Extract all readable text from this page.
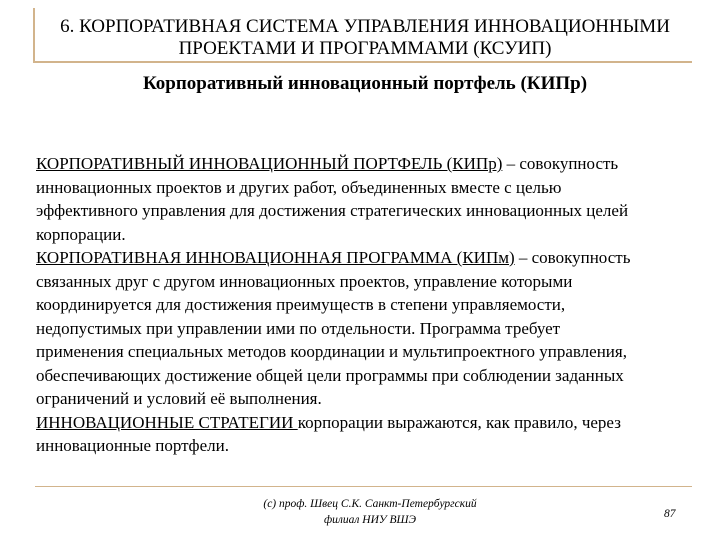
6. КОРПОРАТИВНАЯ СИСТЕМА УПРАВЛЕНИЯ ИННОВАЦИОННЫМИ
ПРОЕКТАМИ И ПРОГРАММАМИ (КСУИП)
Корпоративный инновационный портфель (КИПр)
КОРПОРАТИВНЫЙ ИННОВАЦИОННЫЙ ПОРТФЕЛЬ (КИПр) – совокупность
инновационных проектов и других работ, объединенных вместе с целью
эффективного управления для достижения стратегических инновационных целей
корпорации.
КОРПОРАТИВНАЯ ИННОВАЦИОННАЯ ПРОГРАММА (КИПм) – совокупность
связанных друг с другом инновационных проектов, управление которыми
координируется для достижения преимуществ в степени управляемости,
недопустимых при управлении ими по отдельности. Программа требует
применения специальных методов координации и мультипроектного управления,
обеспечивающих достижение общей цели программы при соблюдении заданных
ограничений и условий её выполнения.
ИННОВАЦИОННЫЕ СТРАТЕГИИ корпорации выражаются, как правило, через
инновационные портфели.
(c) проф. Швец С.К. Санкт-Петербургский
филиал НИУ ВШЭ	87
